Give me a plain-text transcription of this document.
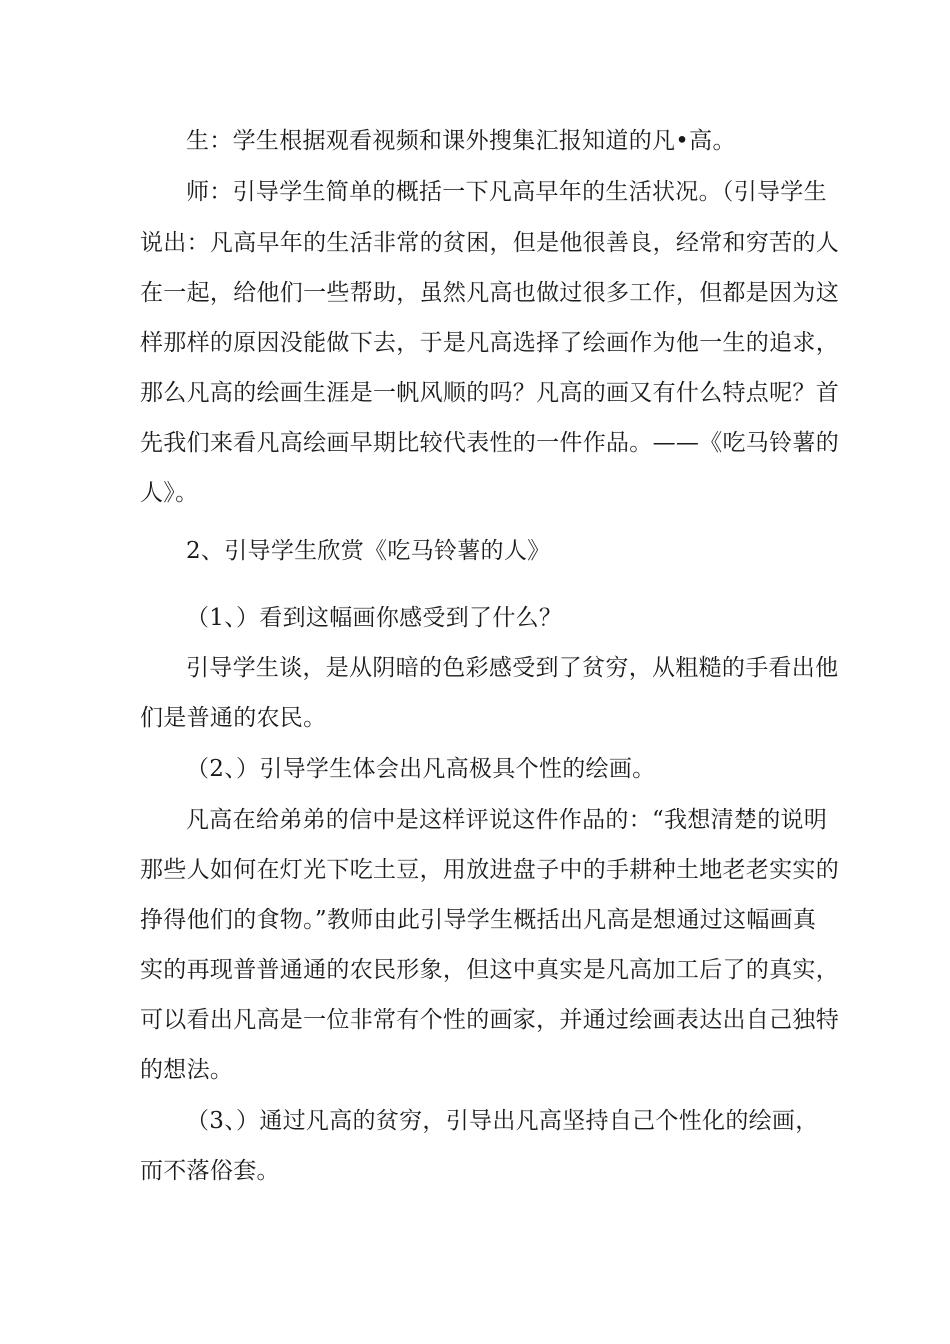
生：学生根据观看视频和课外搜集汇报知道的凡•高。
师：引导学生简单的概括一下凡高早年的生活状况。（引导学生
说出：凡高早年的生活非常的贫困，但是他很善良，经常和穷苦的人
在一起，给他们一些帮助，虽然凡高也做过很多工作，但都是因为这
样那样的原因没能做下去，于是凡高选择了绘画作为他一生的追求，
那么凡高的绘画生涯是一帆风顺的吗？凡高的画又有什么特点呢？首
先我们来看凡高绘画早期比较代表性的一件作品。——《吃马铃薯的
人》。
2、引导学生欣赏《吃马铃薯的人》
（1、）看到这幅画你感受到了什么？
引导学生谈，是从阴暗的色彩感受到了贫穷，从粗糙的手看出他
们是普通的农民。
（2、）引导学生体会出凡高极具个性的绘画。
凡高在给弟弟的信中是这样评说这件作品的：“我想清楚的说明
那些人如何在灯光下吃土豆，用放进盘子中的手耕种土地老老实实的
挣得他们的食物。”教师由此引导学生概括出凡高是想通过这幅画真
实的再现普普通通的农民形象，但这中真实是凡高加工后了的真实，
可以看出凡高是一位非常有个性的画家，并通过绘画表达出自己独特
的想法。
（3、）通过凡高的贫穷，引导出凡高坚持自己个性化的绘画，
而不落俗套。
